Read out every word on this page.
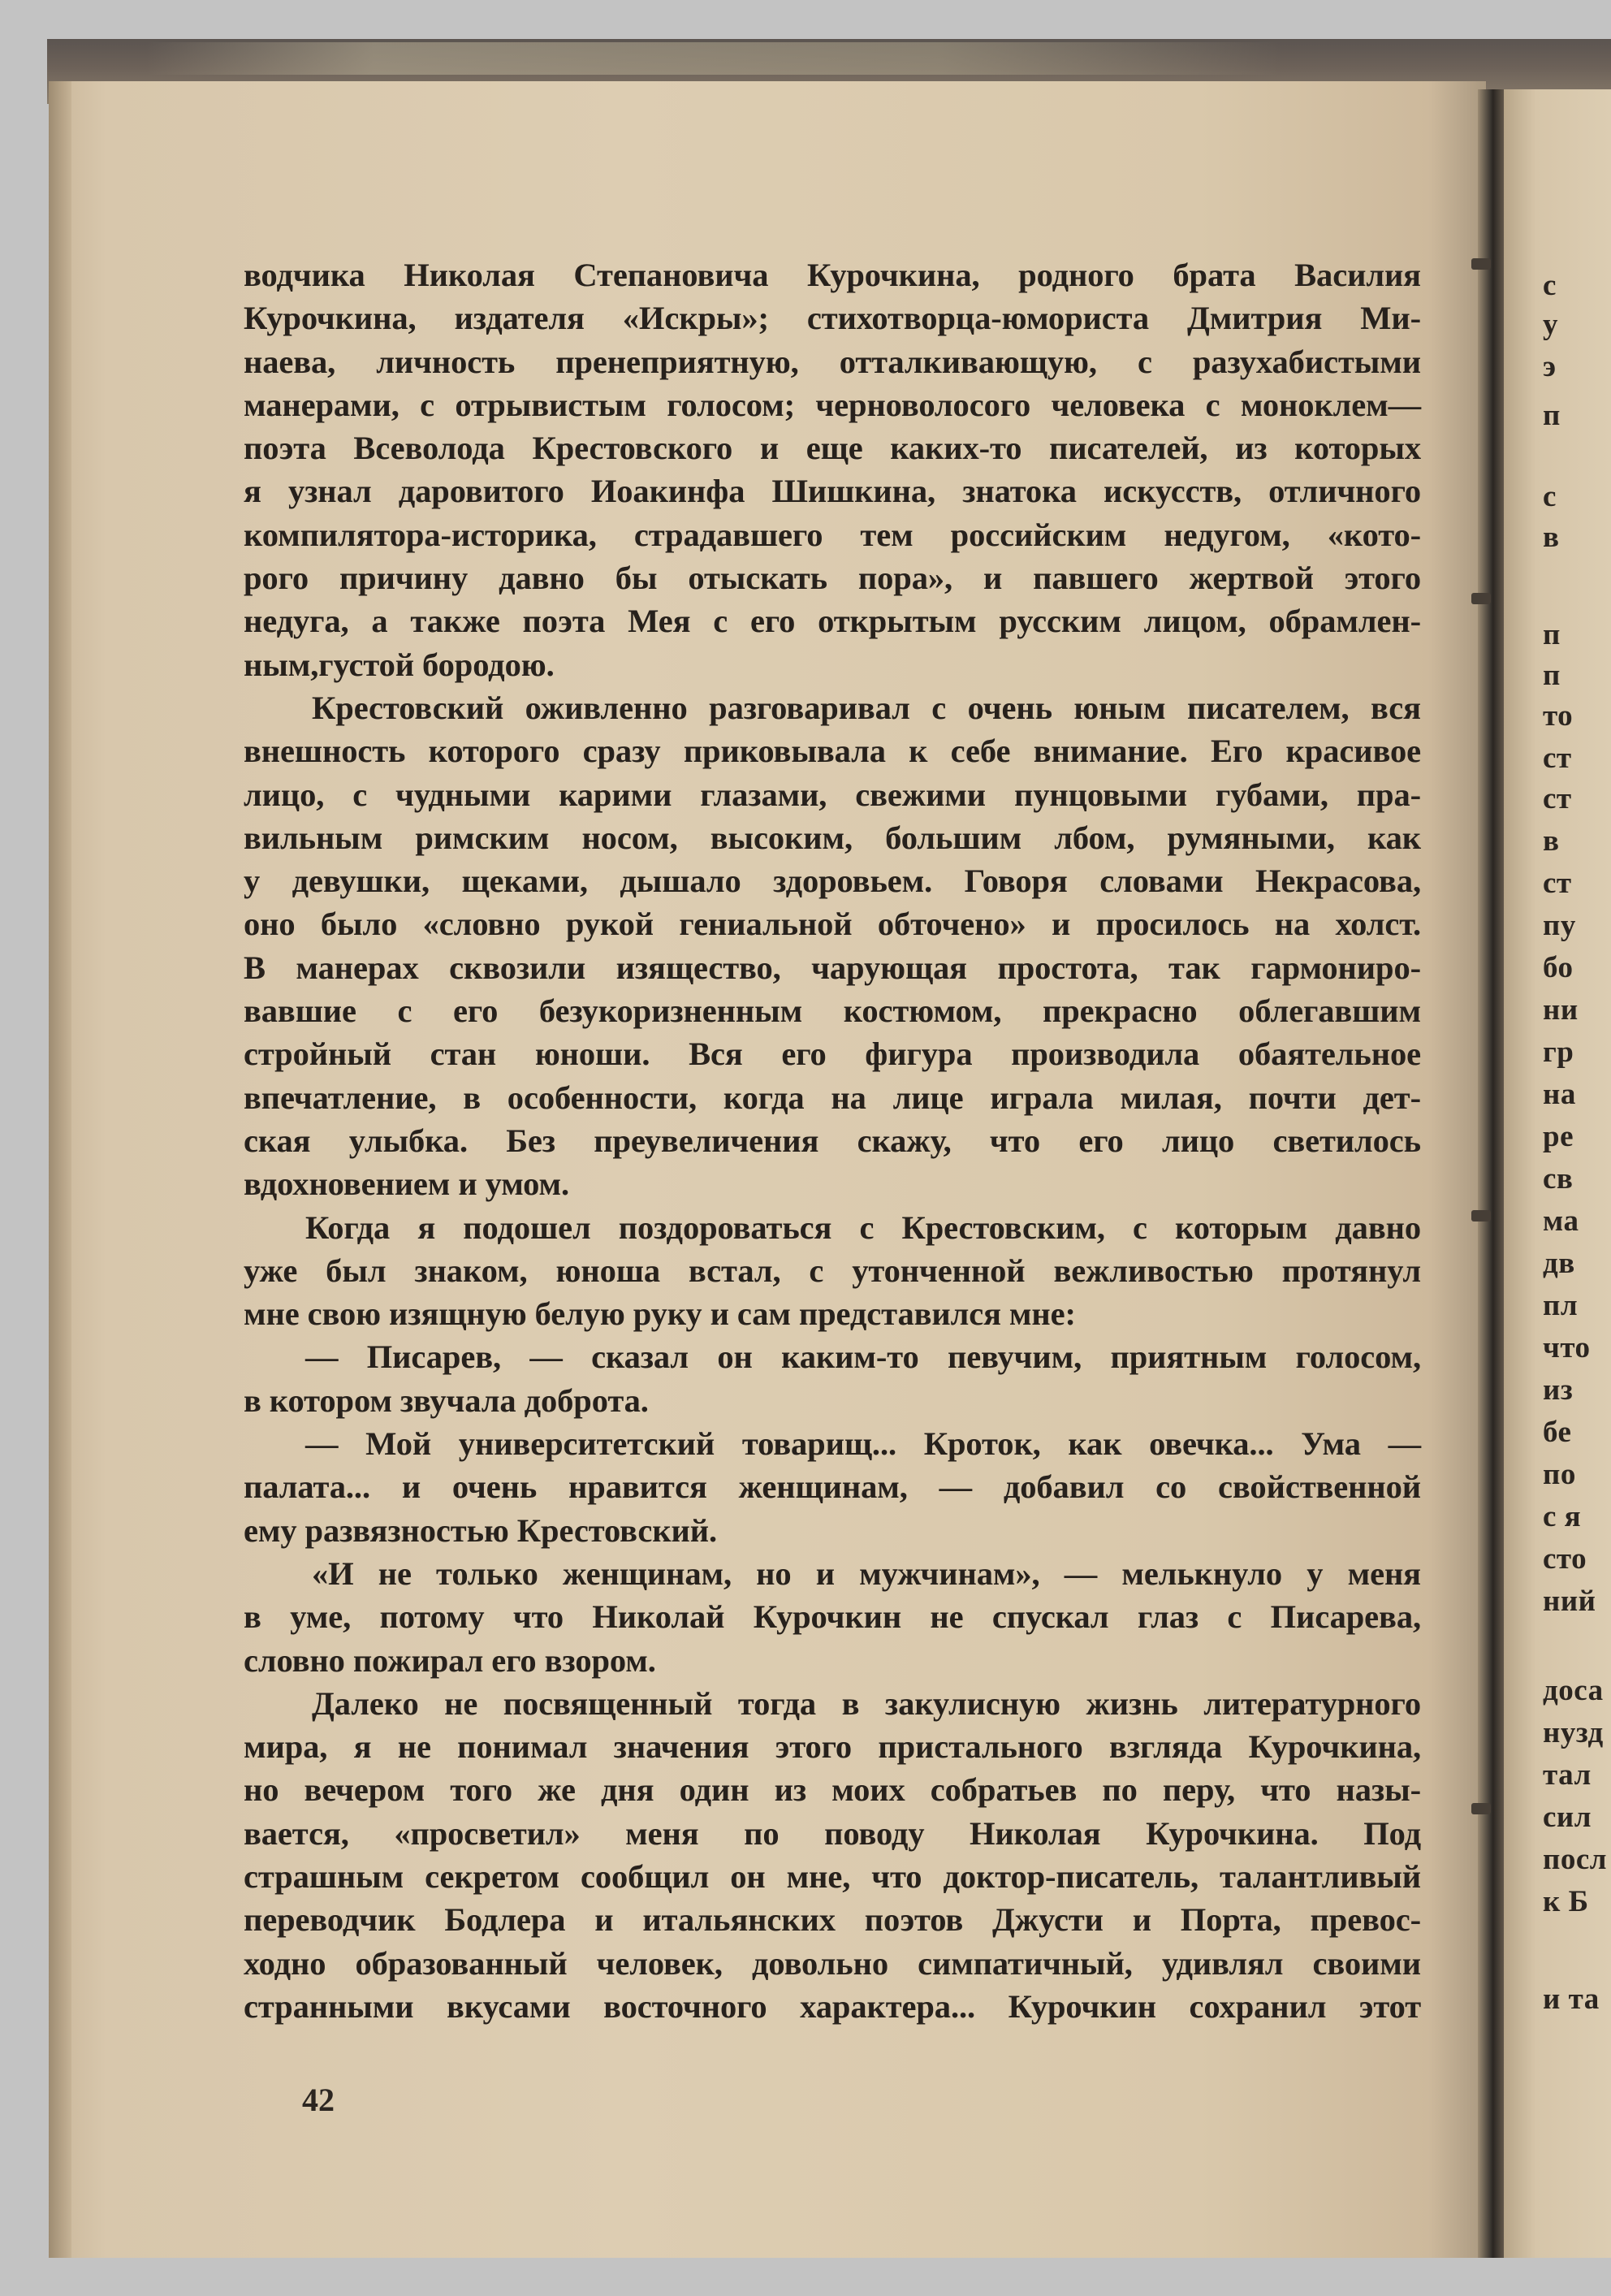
с
у
э
п
с
в
п
п
то
ст
ст
в
ст
пу
бо
ни
гр
на
ре
св
ма
дв
пл
что
из
бе
по
с я
сто
ний
доса
нузд
тал
сил
посл
к Б
и та
водчика Николая Степановича Курочкина, родного брата Василия
Курочкина, издателя «Искры»; стихотворца-юмориста Дмитрия Ми-
наева, личность пренеприятную, отталкивающую, с разухабистыми
манерами, с отрывистым голосом; черноволосого человека с моноклем—
поэта Всеволода Крестовского и еще каких-то писателей, из которых
я узнал даровитого Иоакинфа Шишкина, знатока искусств, отличного
компилятора-историка, страдавшего тем российским недугом, «кото-
рого причину давно бы отыскать пора», и павшего жертвой этого
недуга, а также поэта Мея с его открытым русским лицом, обрамлен-
ным,густой бородою.
Крестовский оживленно разговаривал с очень юным писателем, вся
внешность которого сразу приковывала к себе внимание. Его красивое
лицо, с чудными карими глазами, свежими пунцовыми губами, пра-
вильным римским носом, высоким, большим лбом, румяными, как
у девушки, щеками, дышало здоровьем. Говоря словами Некрасова,
оно было «словно рукой гениальной обточено» и просилось на холст.
В манерах сквозили изящество, чарующая простота, так гармониро-
вавшие с его безукоризненным костюмом, прекрасно облегавшим
стройный стан юноши. Вся его фигура производила обаятельное
впечатление, в особенности, когда на лице играла милая, почти дет-
ская улыбка. Без преувеличения скажу, что его лицо светилось
вдохновением и умом.
Когда я подошел поздороваться с Крестовским, с которым давно
уже был знаком, юноша встал, с утонченной вежливостью протянул
мне свою изящную белую руку и сам представился мне:
— Писарев, — сказал он каким-то певучим, приятным голосом,
в котором звучала доброта.
— Мой университетский товарищ... Кроток, как овечка... Ума —
палата... и очень нравится женщинам, — добавил со свойственной
ему развязностью Крестовский.
«И не только женщинам, но и мужчинам», — мелькнуло у меня
в уме, потому что Николай Курочкин не спускал глаз с Писарева,
словно пожирал его взором.
Далеко не посвященный тогда в закулисную жизнь литературного
мира, я не понимал значения этого пристального взгляда Курочкина,
но вечером того же дня один из моих собратьев по перу, что назы-
вается, «просветил» меня по поводу Николая Курочкина. Под
страшным секретом сообщил он мне, что доктор-писатель, талантливый
переводчик Бодлера и итальянских поэтов Джусти и Порта, превос-
ходно образованный человек, довольно симпатичный, удивлял своими
странными вкусами восточного характера... Курочкин сохранил этот
42
